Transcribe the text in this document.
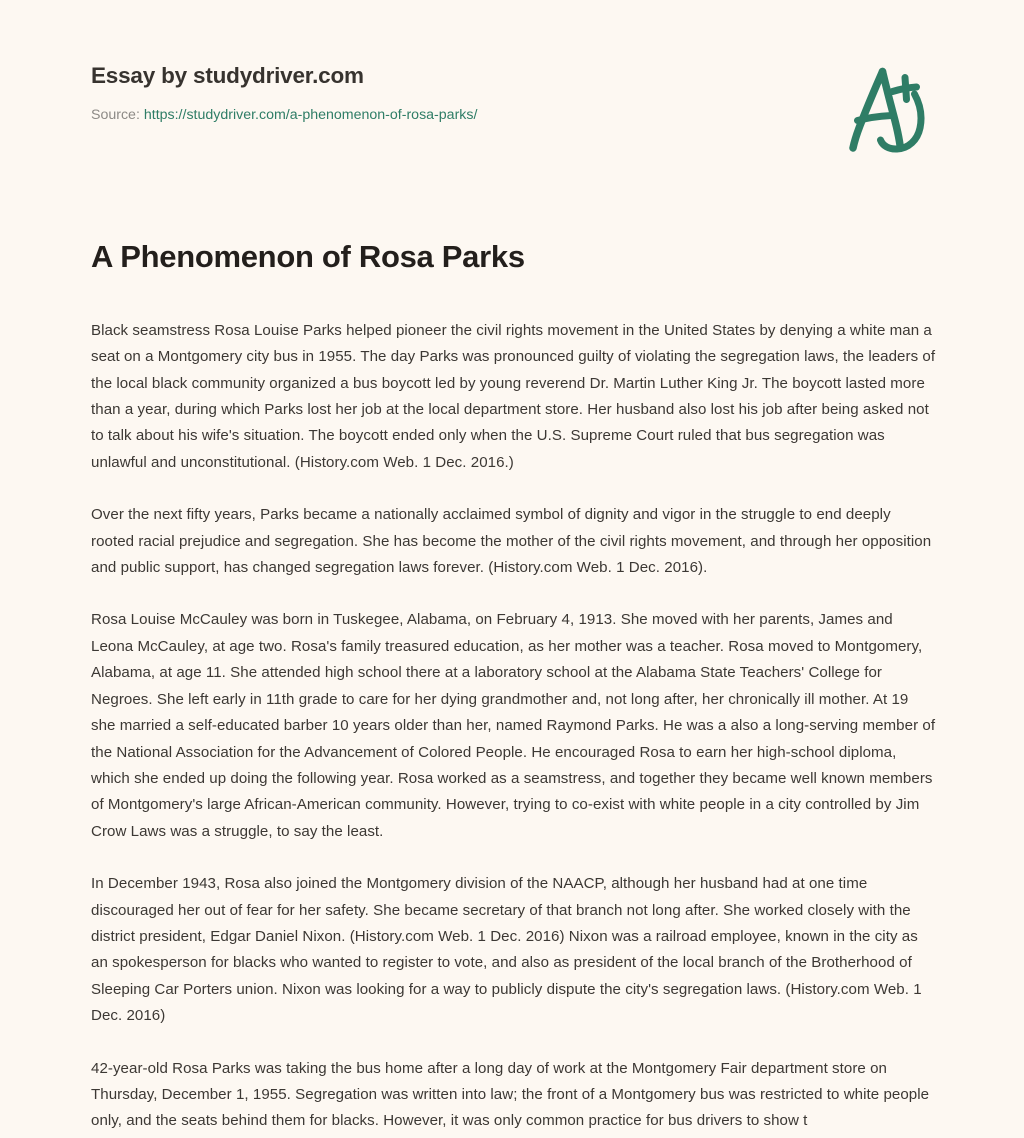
Essay by studydriver.com
Source: https://studydriver.com/a-phenomenon-of-rosa-parks/
A Phenomenon of Rosa Parks

Black seamstress Rosa Louise Parks helped pioneer the civil rights movement in the United States by denying a white man a seat on a Montgomery city bus in 1955. The day Parks was pronounced guilty of violating the segregation laws, the leaders of the local black community organized a bus boycott led by young reverend Dr. Martin Luther King Jr. The boycott lasted more than a year, during which Parks lost her job at the local department store. Her husband also lost his job after being asked not to talk about his wife's situation. The boycott ended only when the U.S. Supreme Court ruled that bus segregation was unlawful and unconstitutional. (History.com Web. 1 Dec. 2016.)

Over the next fifty years, Parks became a nationally acclaimed symbol of dignity and vigor in the struggle to end deeply rooted racial prejudice and segregation. She has become the mother of the civil rights movement, and through her opposition and public support, has changed segregation laws forever. (History.com Web. 1 Dec. 2016).

Rosa Louise McCauley was born in Tuskegee, Alabama, on February 4, 1913. She moved with her parents, James and Leona McCauley, at age two. Rosa's family treasured education, as her mother was a teacher. Rosa moved to Montgomery, Alabama, at age 11. She attended high school there at a laboratory school at the Alabama State Teachers' College for Negroes. She left early in 11th grade to care for her dying grandmother and, not long after, her chronically ill mother. At 19 she married a self-educated barber 10 years older than her, named Raymond Parks. He was a also a long-serving member of the National Association for the Advancement of Colored People. He encouraged Rosa to earn her high-school diploma, which she ended up doing the following year. Rosa worked as a seamstress, and together they became well known members of Montgomery's large African-American community. However, trying to co-exist with white people in a city controlled by Jim Crow Laws was a struggle, to say the least.

In December 1943, Rosa also joined the Montgomery division of the NAACP, although her husband had at one time discouraged her out of fear for her safety. She became secretary of that branch not long after. She worked closely with the district president, Edgar Daniel Nixon. (History.com Web. 1 Dec. 2016) Nixon was a railroad employee, known in the city as an spokesperson for blacks who wanted to register to vote, and also as president of the local branch of the Brotherhood of Sleeping Car Porters union. Nixon was looking for a way to publicly dispute the city's segregation laws. (History.com Web. 1 Dec. 2016)

42-year-old Rosa Parks was taking the bus home after a long day of work at the Montgomery Fair department store on Thursday, December 1, 1955. Segregation was written into law; the front of a Montgomery bus was restricted to white people only, and the seats behind them for blacks. However, it was only common practice for bus drivers to show t
